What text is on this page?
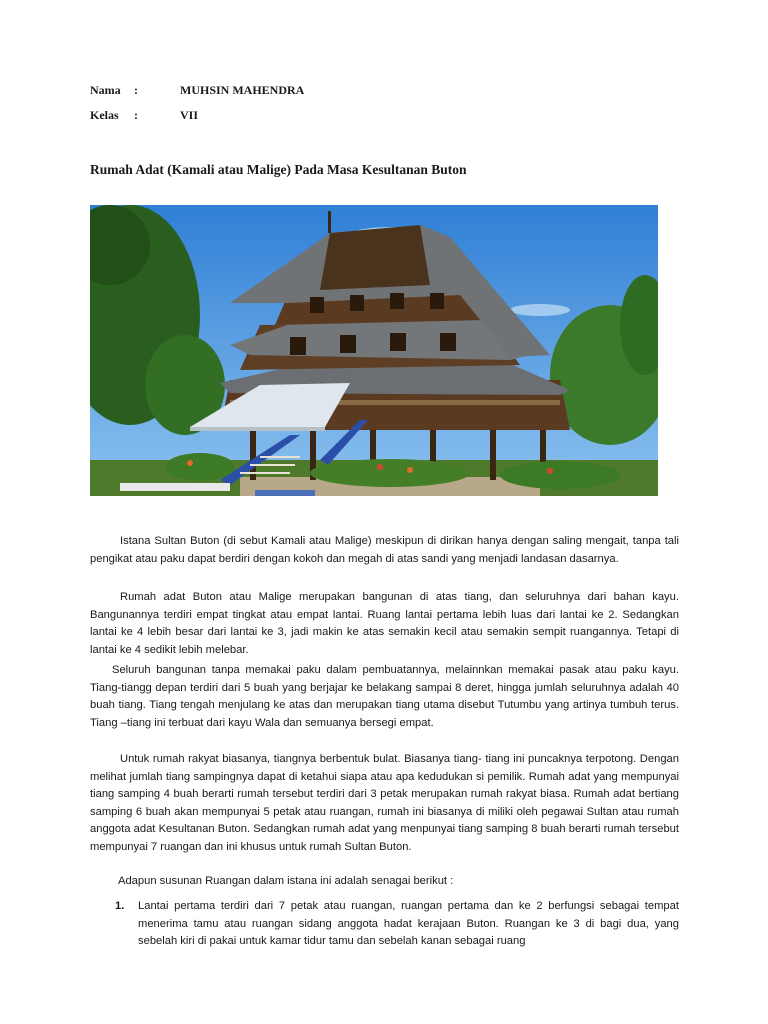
Nama :	MUHSIN MAHENDRA
Kelas :	VII
Rumah Adat (Kamali atau Malige) Pada Masa Kesultanan Buton

Istana Sultan Buton (di sebut Kamali atau Malige) meskipun di dirikan hanya dengan saling mengait, tanpa tali pengikat atau paku dapat berdiri dengan kokoh dan megah di atas sandi yang menjadi landasan dasarnya.

Rumah adat Buton atau Malige merupakan bangunan di atas tiang, dan seluruhnya dari bahan kayu. Bangunannya terdiri empat tingkat atau empat lantai. Ruang lantai pertama lebih luas dari lantai ke 2. Sedangkan lantai ke 4 lebih besar dari lantai ke 3, jadi makin ke atas semakin kecil atau semakin sempit ruangannya. Tetapi di lantai ke 4 sedikit lebih melebar.

Seluruh bangunan tanpa memakai paku dalam pembuatannya, melainnkan memakai pasak atau paku kayu. Tiang-tiangg depan terdiri dari 5 buah yang berjajar ke belakang sampai 8 deret, hingga jumlah seluruhnya adalah 40 buah tiang. Tiang tengah menjulang ke atas dan merupakan tiang utama disebut Tutumbu yang artinya tumbuh terus. Tiang –tiang ini terbuat dari kayu Wala dan semuanya bersegi empat.

Untuk rumah rakyat biasanya, tiangnya berbentuk bulat. Biasanya tiang- tiang ini puncaknya terpotong. Dengan melihat jumlah tiang sampingnya dapat di ketahui siapa atau apa kedudukan si pemilik. Rumah adat yang mempunyai tiang samping 4 buah berarti rumah tersebut terdiri dari 3 petak merupakan rumah rakyat biasa. Rumah adat bertiang samping 6 buah akan mempunyai 5 petak atau ruangan, rumah ini biasanya di miliki oleh pegawai Sultan atau rumah anggota adat Kesultanan Buton. Sedangkan rumah adat yang menpunyai tiang samping 8 buah berarti rumah tersebut mempunyai 7 ruangan dan ini khusus untuk rumah Sultan Buton.

Adapun susunan Ruangan dalam istana ini adalah senagai berikut :

1. Lantai pertama terdiri dari 7 petak atau ruangan, ruangan pertama dan ke 2 berfungsi sebagai tempat menerima tamu atau ruangan sidang anggota hadat kerajaan Buton. Ruangan ke 3 di bagi dua, yang sebelah kiri di pakai untuk kamar tidur tamu dan sebelah kanan sebagai ruang
